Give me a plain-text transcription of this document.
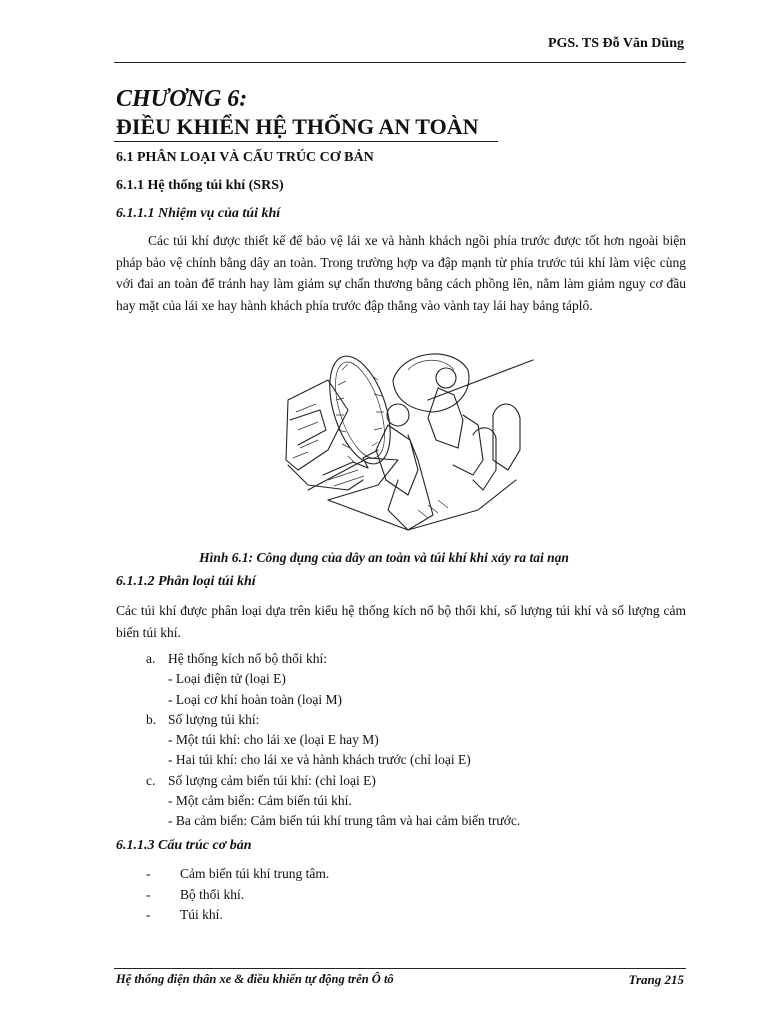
PGS. TS Đỗ Văn Dũng
CHƯƠNG 6:
ĐIỀU KHIỂN HỆ THỐNG AN TOÀN
6.1 PHÂN LOẠI VÀ CẤU TRÚC CƠ BẢN
6.1.1 Hệ thống túi khí (SRS)
6.1.1.1 Nhiệm vụ của túi khí

Các túi khí được thiết kế để bảo vệ lái xe và hành khách ngồi phía trước được tốt hơn ngoài biện pháp bảo vệ chính bằng dây an toàn. Trong trường hợp va đập mạnh từ phía trước túi khí làm việc cùng với đai an toàn để tránh hay làm giảm sự chấn thương bằng cách phồng lên, nằm làm giảm nguy cơ đầu hay mặt của lái xe hay hành khách phía trước đập thẳng vào vành tay lái hay bảng táplô.

Hình 6.1: Công dụng của dây an toàn và túi khí khi xảy ra tai nạn
6.1.1.2 Phân loại túi khí

Các túi khí được phân loại dựa trên kiểu hệ thống kích nổ bộ thổi khí, số lượng túi khí và số lượng cảm biến túi khí.

a. Hệ thống kích nổ bộ thổi khí:
- Loại điện tử (loại E)
- Loại cơ khí hoàn toàn (loại M)
b. Số lượng túi khí:
- Một túi khí: cho lái xe (loại E hay M)
- Hai túi khí: cho lái xe và hành khách trước (chỉ loại E)
c. Số lượng cảm biến túi khí: (chỉ loại E)
- Một cảm biến: Cảm biến túi khí.
- Ba cảm biến: Cảm biến túi khí trung tâm và hai cảm biến trước.
6.1.1.3 Cấu trúc cơ bản
-	Cảm biến túi khí trung tâm.
-	Bộ thổi khí.
-	Túi khí.
Hệ thống điện thân xe & điều khiển tự động trên Ô tô	Trang 215
